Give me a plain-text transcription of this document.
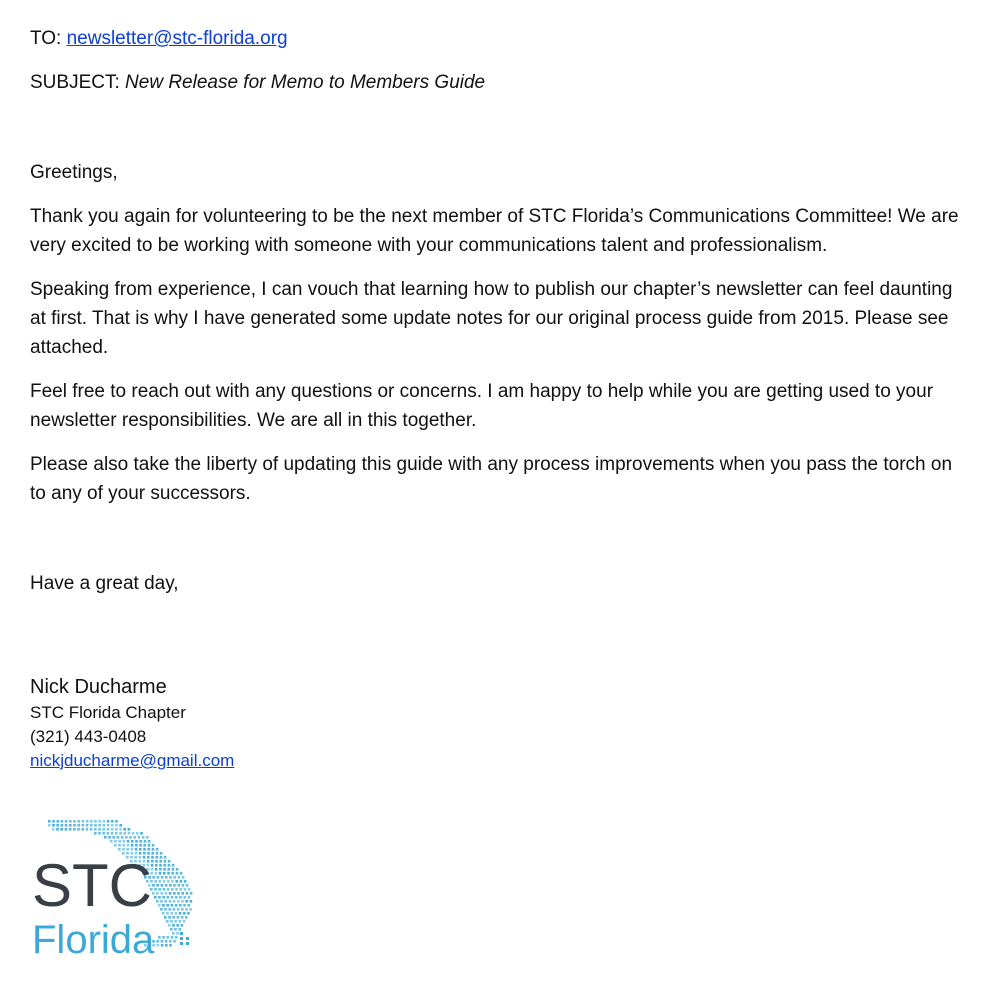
TO: newsletter@stc-florida.org

SUBJECT: New Release for Memo to Members Guide

Greetings,

Thank you again for volunteering to be the next member of STC Florida’s Communications Committee! We are very excited to be working with someone with your communications talent and professionalism.

Speaking from experience, I can vouch that learning how to publish our chapter’s newsletter can feel daunting at first. That is why I have generated some update notes for our original process guide from 2015. Please see attached.

Feel free to reach out with any questions or concerns. I am happy to help while you are getting used to your newsletter responsibilities. We are all in this together.

Please also take the liberty of updating this guide with any process improvements when you pass the torch on to any of your successors.

Have a great day,

Nick Ducharme

STC Florida Chapter

(321) 443-0408

nickjducharme@gmail.com

STC
Florida
